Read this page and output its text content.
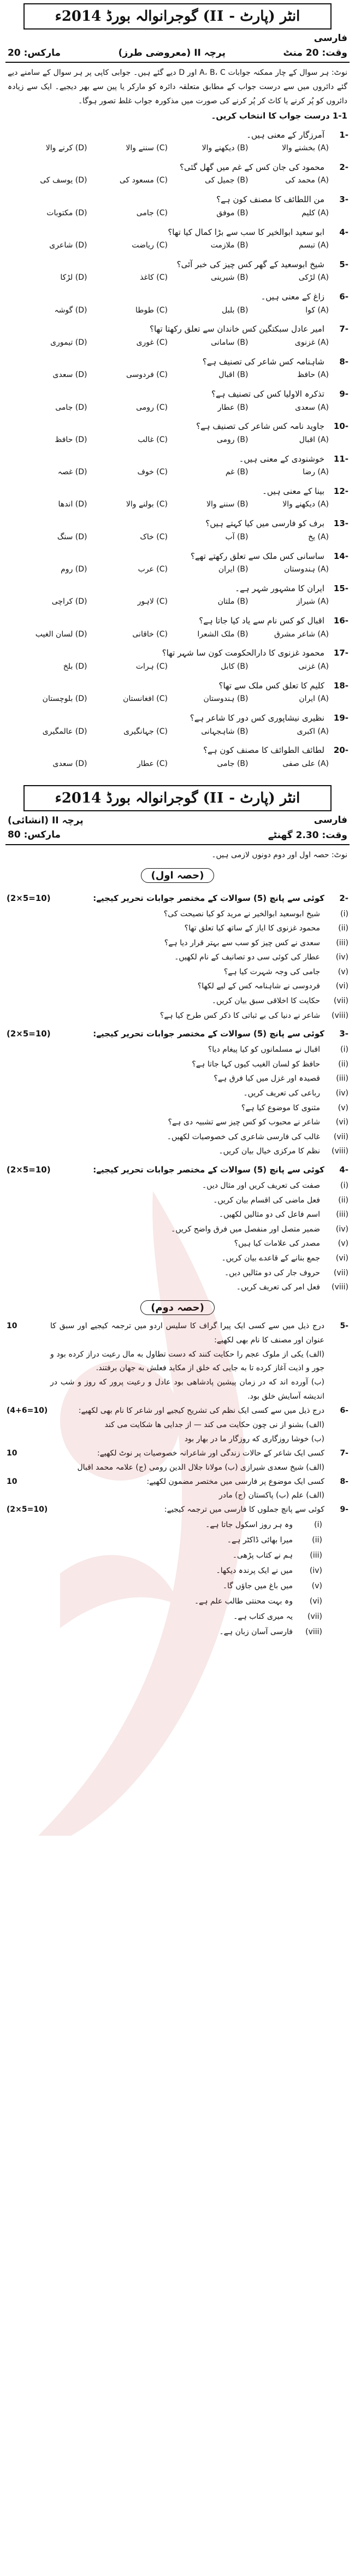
انٹر (پارٹ - II) گوجرانوالہ بورڈ 2014ء
فارسی
وقت: 20 منٹ
پرچہ II (معروضی طرز)
مارکس: 20
نوٹ: ہر سوال کے چار ممکنہ جوابات A، B، C اور D دیے گئے ہیں۔ جوابی کاپی پر ہر سوال کے سامنے دیے گئے دائروں میں سے درست جواب کے مطابق متعلقہ دائرہ کو مارکر یا پین سے بھر دیجیے۔ ایک سے زیادہ دائروں کو پُر کرنے یا کاٹ کر پُر کرنے کی صورت میں مذکورہ جواب غلط تصور ہوگا۔
1-1 درست جواب کا انتخاب کریں۔
1-
آمرزگار کے معنی ہیں۔
(A) بخشنے والا
(B) دیکھنے والا
(C) سننے والا
(D) کرنے والا
2-
محمود کی جان کس کے غم میں گھل گئی؟
(A) محمد کی
(B) جمیل کی
(C) مسعود کی
(D) یوسف کی
3-
من اللطائف کا مصنف کون ہے؟
(A) کلیم
(B) موفق
(C) جامی
(D) مکتوبات
4-
ابو سعید ابوالخیر کا سب سے بڑا کمال کیا تھا؟
(A) تبسم
(B) ملازمت
(C) ریاضت
(D) شاعری
5-
شیخ ابوسعید کے گھر کس چیز کی خبر آئی؟
(A) لڑکی
(B) شیرینی
(C) کاغذ
(D) لڑکا
6-
زاغ کے معنی ہیں۔
(A) کوا
(B) بلبل
(C) طوطا
(D) گوشہ
7-
امیر عادل سبکتگین کس خاندان سے تعلق رکھتا تھا؟
(A) غزنوی
(B) سامانی
(C) غوری
(D) تیموری
8-
شاہنامہ کس شاعر کی تصنیف ہے؟
(A) حافظ
(B) اقبال
(C) فردوسی
(D) سعدی
9-
تذکرہ الاولیا کس کی تصنیف ہے؟
(A) سعدی
(B) عطار
(C) رومی
(D) جامی
10-
جاوید نامہ کس شاعر کی تصنیف ہے؟
(A) اقبال
(B) رومی
(C) غالب
(D) حافظ
11-
خوشنودی کے معنی ہیں۔
(A) رضا
(B) غم
(C) خوف
(D) غصہ
12-
بینا کے معنی ہیں۔
(A) دیکھنے والا
(B) سننے والا
(C) بولنے والا
(D) اندھا
13-
برف کو فارسی میں کیا کہتے ہیں؟
(A) یخ
(B) آب
(C) خاک
(D) سنگ
14-
ساسانی کس ملک سے تعلق رکھتے تھے؟
(A) ہندوستان
(B) ایران
(C) عرب
(D) روم
15-
ایران کا مشہور شہر ہے۔
(A) شیراز
(B) ملتان
(C) لاہور
(D) کراچی
16-
اقبال کو کس نام سے یاد کیا جاتا ہے؟
(A) شاعر مشرق
(B) ملک الشعرا
(C) خاقانی
(D) لسان الغیب
17-
محمود غزنوی کا دارالحکومت کون سا شہر تھا؟
(A) غزنی
(B) کابل
(C) ہرات
(D) بلخ
18-
کلیم کا تعلق کس ملک سے تھا؟
(A) ایران
(B) ہندوستان
(C) افغانستان
(D) بلوچستان
19-
نظیری نیشاپوری کس دور کا شاعر ہے؟
(A) اکبری
(B) شاہجہانی
(C) جہانگیری
(D) عالمگیری
20-
لطائف الطوائف کا مصنف کون ہے؟
(A) علی صفی
(B) جامی
(C) عطار
(D) سعدی
انٹر (پارٹ - II) گوجرانوالہ بورڈ 2014ء
فارسی
پرچہ II (انشائی)
وقت: 2.30 گھنٹے
مارکس: 80
نوٹ: حصہ اول اور دوم دونوں لازمی ہیں۔
(حصہ اول)
2-
کوئی سے پانچ (5) سوالات کے مختصر جوابات تحریر کیجیے:
(2×5=10)
(i)
شیخ ابوسعید ابوالخیر نے مرید کو کیا نصیحت کی؟
(ii)
محمود غزنوی کا ایاز کے ساتھ کیا تعلق تھا؟
(iii)
سعدی نے کس چیز کو سب سے بہتر قرار دیا ہے؟
(iv)
عطار کی کوئی سی دو تصانیف کے نام لکھیں۔
(v)
جامی کی وجہ شہرت کیا ہے؟
(vi)
فردوسی نے شاہنامہ کس کے لیے لکھا؟
(vii)
حکایت کا اخلاقی سبق بیان کریں۔
(viii)
شاعر نے دنیا کی بے ثباتی کا ذکر کس طرح کیا ہے؟
3-
کوئی سے پانچ (5) سوالات کے مختصر جوابات تحریر کیجیے:
(2×5=10)
(i)
اقبال نے مسلمانوں کو کیا پیغام دیا؟
(ii)
حافظ کو لسان الغیب کیوں کہا جاتا ہے؟
(iii)
قصیدہ اور غزل میں کیا فرق ہے؟
(iv)
رباعی کی تعریف کریں۔
(v)
مثنوی کا موضوع کیا ہے؟
(vi)
شاعر نے محبوب کو کس چیز سے تشبیہ دی ہے؟
(vii)
غالب کی فارسی شاعری کی خصوصیات لکھیں۔
(viii)
نظم کا مرکزی خیال بیان کریں۔
4-
کوئی سے پانچ (5) سوالات کے مختصر جوابات تحریر کیجیے:
(2×5=10)
(i)
صفت کی تعریف کریں اور مثال دیں۔
(ii)
فعل ماضی کی اقسام بیان کریں۔
(iii)
اسم فاعل کی دو مثالیں لکھیں۔
(iv)
ضمیر متصل اور منفصل میں فرق واضح کریں۔
(v)
مصدر کی علامات کیا ہیں؟
(vi)
جمع بنانے کے قاعدے بیان کریں۔
(vii)
حروف جار کی دو مثالیں دیں۔
(viii)
فعل امر کی تعریف کریں۔
(حصہ دوم)
5-
درج ذیل میں سے کسی ایک پیرا گراف کا سلیس اردو میں ترجمہ کیجیے اور سبق کا عنوان اور مصنف کا نام بھی لکھیے:
10
(الف) یکی از ملوک عجم را حکایت کنند که دست تطاول به مال رعیت دراز کرده بود و جور و اذیت آغاز کرده تا به جایی که خلق از مکاید فعلش به جهان برفتند.
(ب) آورده اند که در زمان پیشین پادشاهی بود عادل و رعیت پرور که روز و شب در اندیشه آسایش خلق بود.
6-
درج ذیل میں سے کسی ایک نظم کی تشریح کیجیے اور شاعر کا نام بھی لکھیے:
(4+6=10)
(الف) بشنو از نی چون حکایت می کند — از جدایی ها شکایت می کند
(ب) خوشا روزگاری که روزگار ما در بهار بود
7-
کسی ایک شاعر کے حالات زندگی اور شاعرانہ خصوصیات پر نوٹ لکھیے:
10
(الف) شیخ سعدی شیرازی (ب) مولانا جلال الدین رومی (ج) علامہ محمد اقبال
8-
کسی ایک موضوع پر فارسی میں مختصر مضمون لکھیے:
10
(الف) علم (ب) پاکستان (ج) مادر
9-
کوئی سے پانچ جملوں کا فارسی میں ترجمہ کیجیے:
(2×5=10)
(i)
وہ ہر روز اسکول جاتا ہے۔
(ii)
میرا بھائی ڈاکٹر ہے۔
(iii)
ہم نے کتاب پڑھی۔
(iv)
میں نے ایک پرندہ دیکھا۔
(v)
میں باغ میں جاؤں گا۔
(vi)
وہ بہت محنتی طالب علم ہے۔
(vii)
یہ میری کتاب ہے۔
(viii)
فارسی آسان زبان ہے۔
